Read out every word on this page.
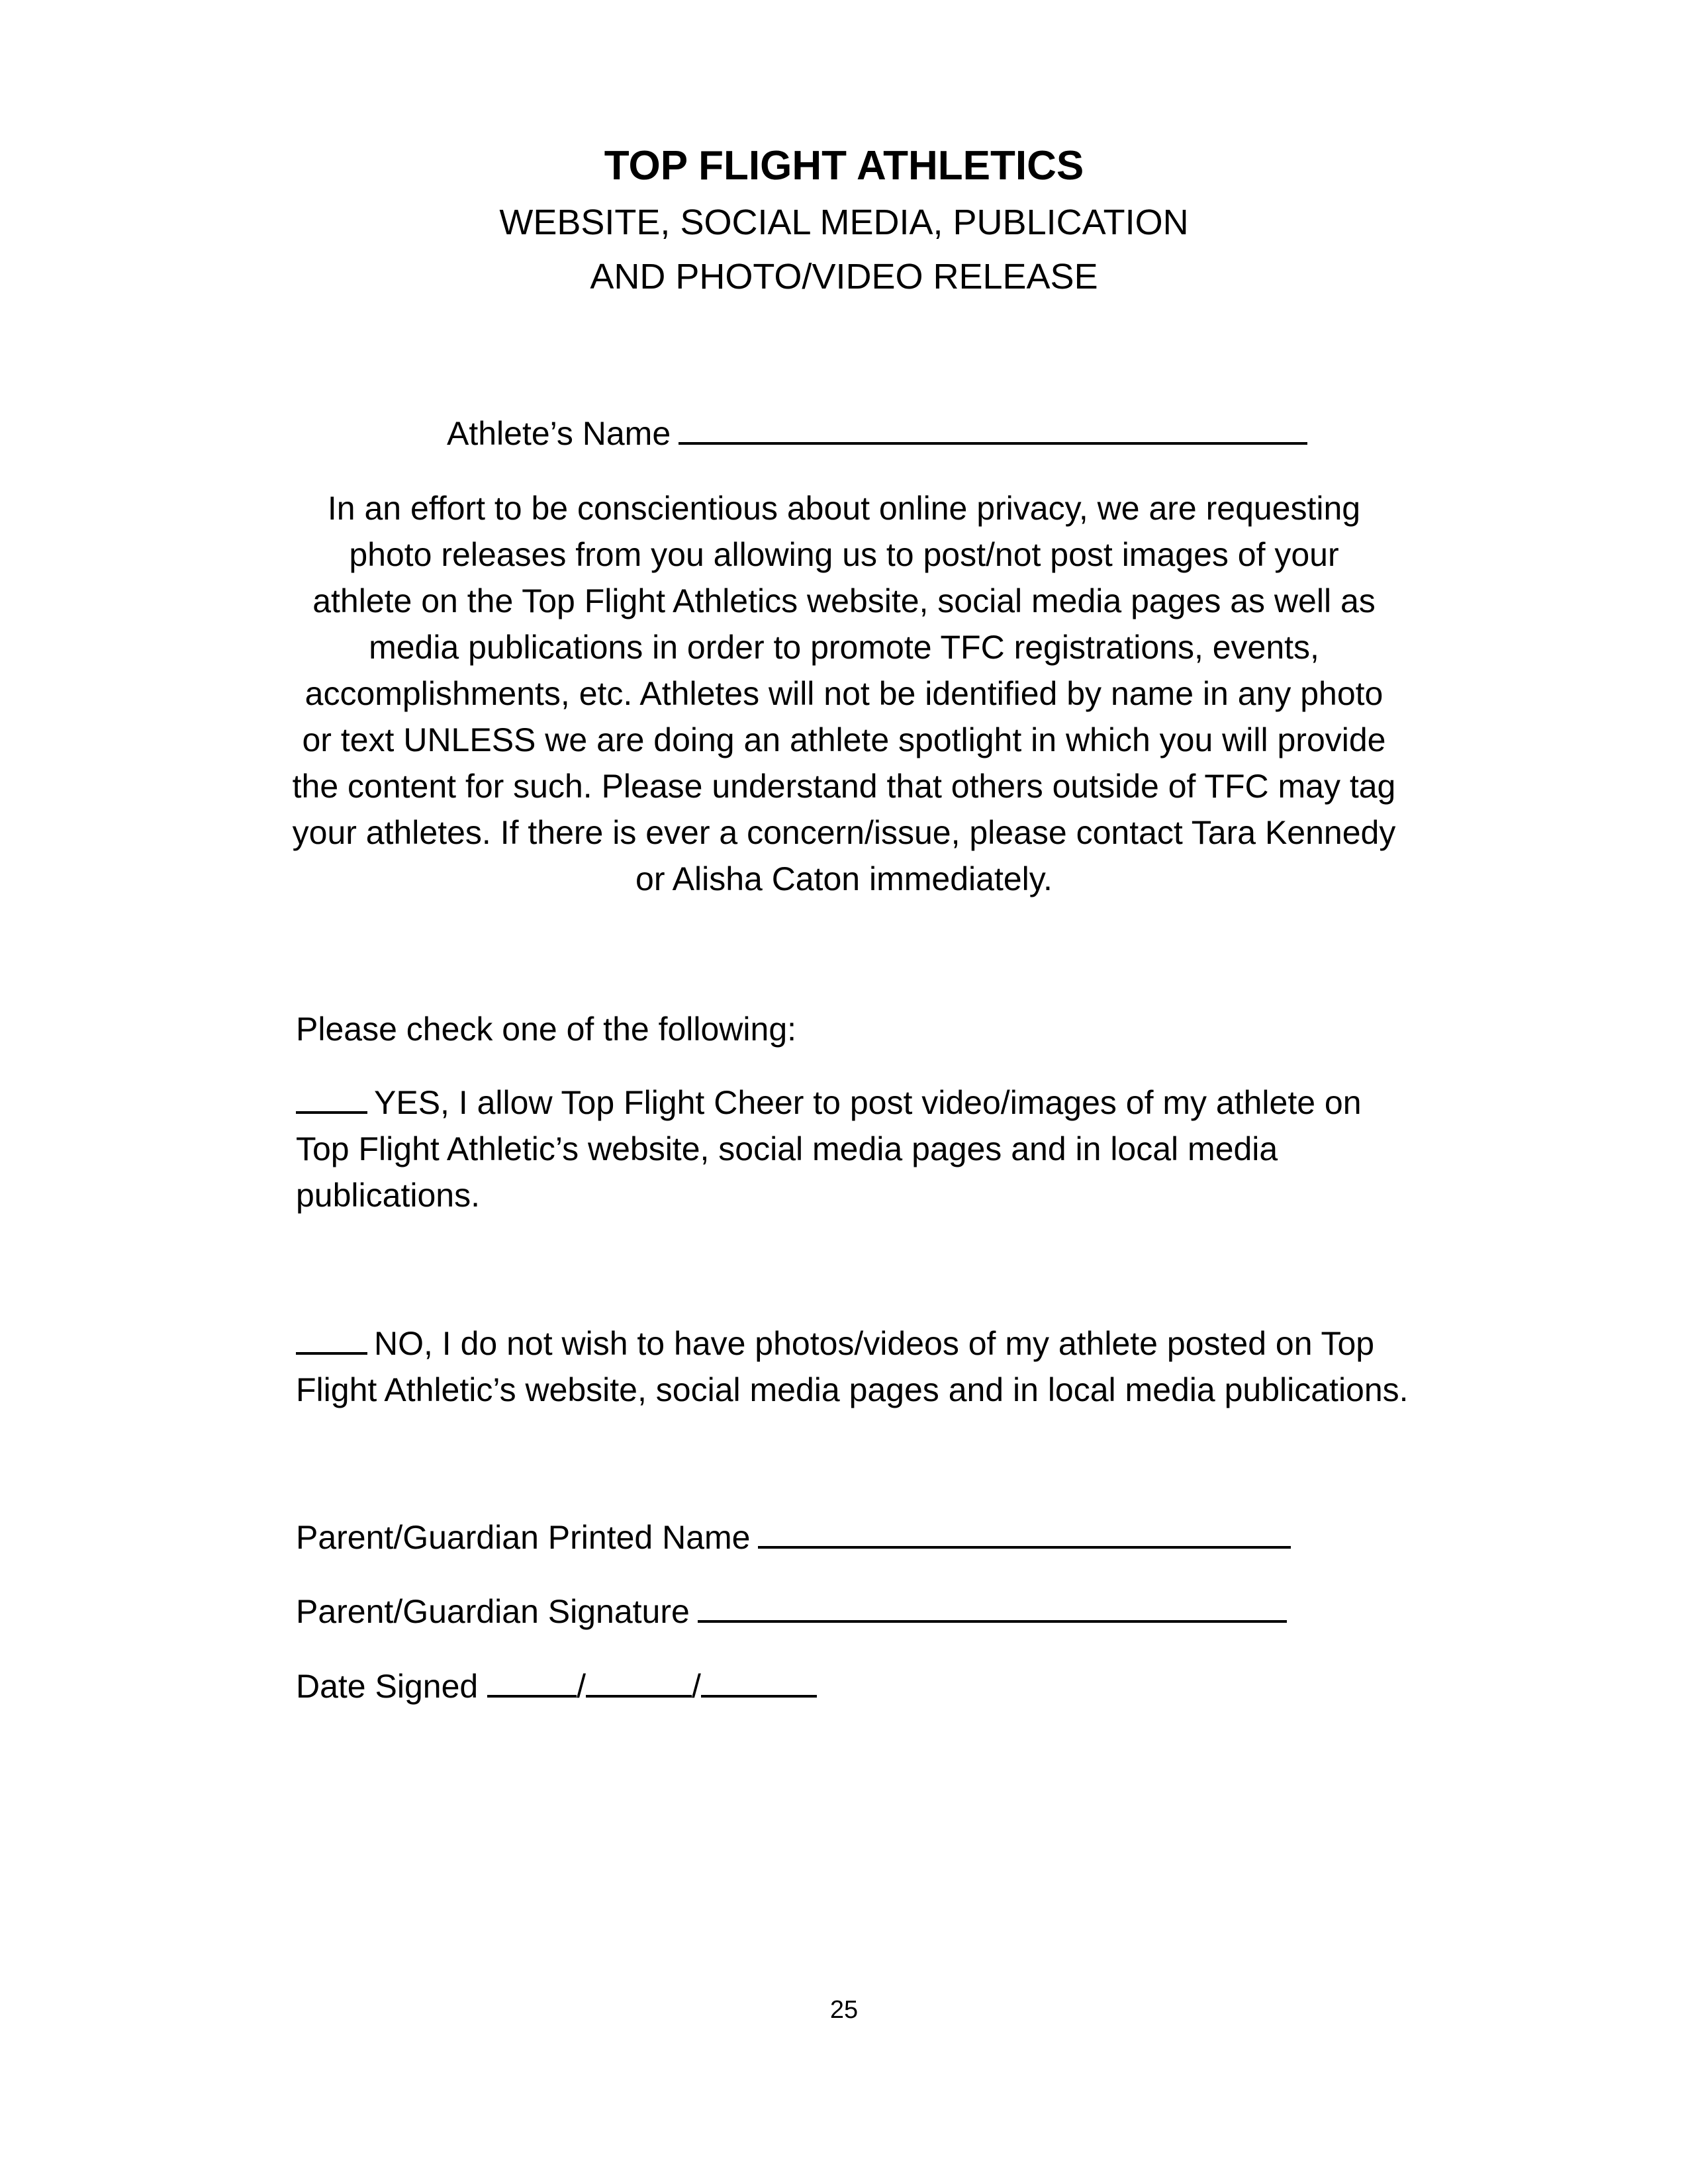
TOP FLIGHT ATHLETICS
WEBSITE, SOCIAL MEDIA, PUBLICATION
AND PHOTO/VIDEO RELEASE
Athlete’s Name
In an effort to be conscientious about online privacy, we are requesting
photo releases from you allowing us to post/not post images of your
athlete on the Top Flight Athletics website, social media pages as well as
media publications in order to promote TFC registrations, events,
accomplishments, etc. Athletes will not be identified by name in any photo
or text UNLESS we are doing an athlete spotlight in which you will provide
the content for such. Please understand that others outside of TFC may tag
your athletes. If there is ever a concern/issue, please contact Tara Kennedy
or Alisha Caton immediately.
Please check one of the following:
YES, I allow Top Flight Cheer to post video/images of my athlete on
Top Flight Athletic’s website, social media pages and in local media
publications.
NO, I do not wish to have photos/videos of my athlete posted on Top
Flight Athletic’s website, social media pages and in local media publications.
Parent/Guardian Printed Name
Parent/Guardian Signature
Date Signed	/	/
25
